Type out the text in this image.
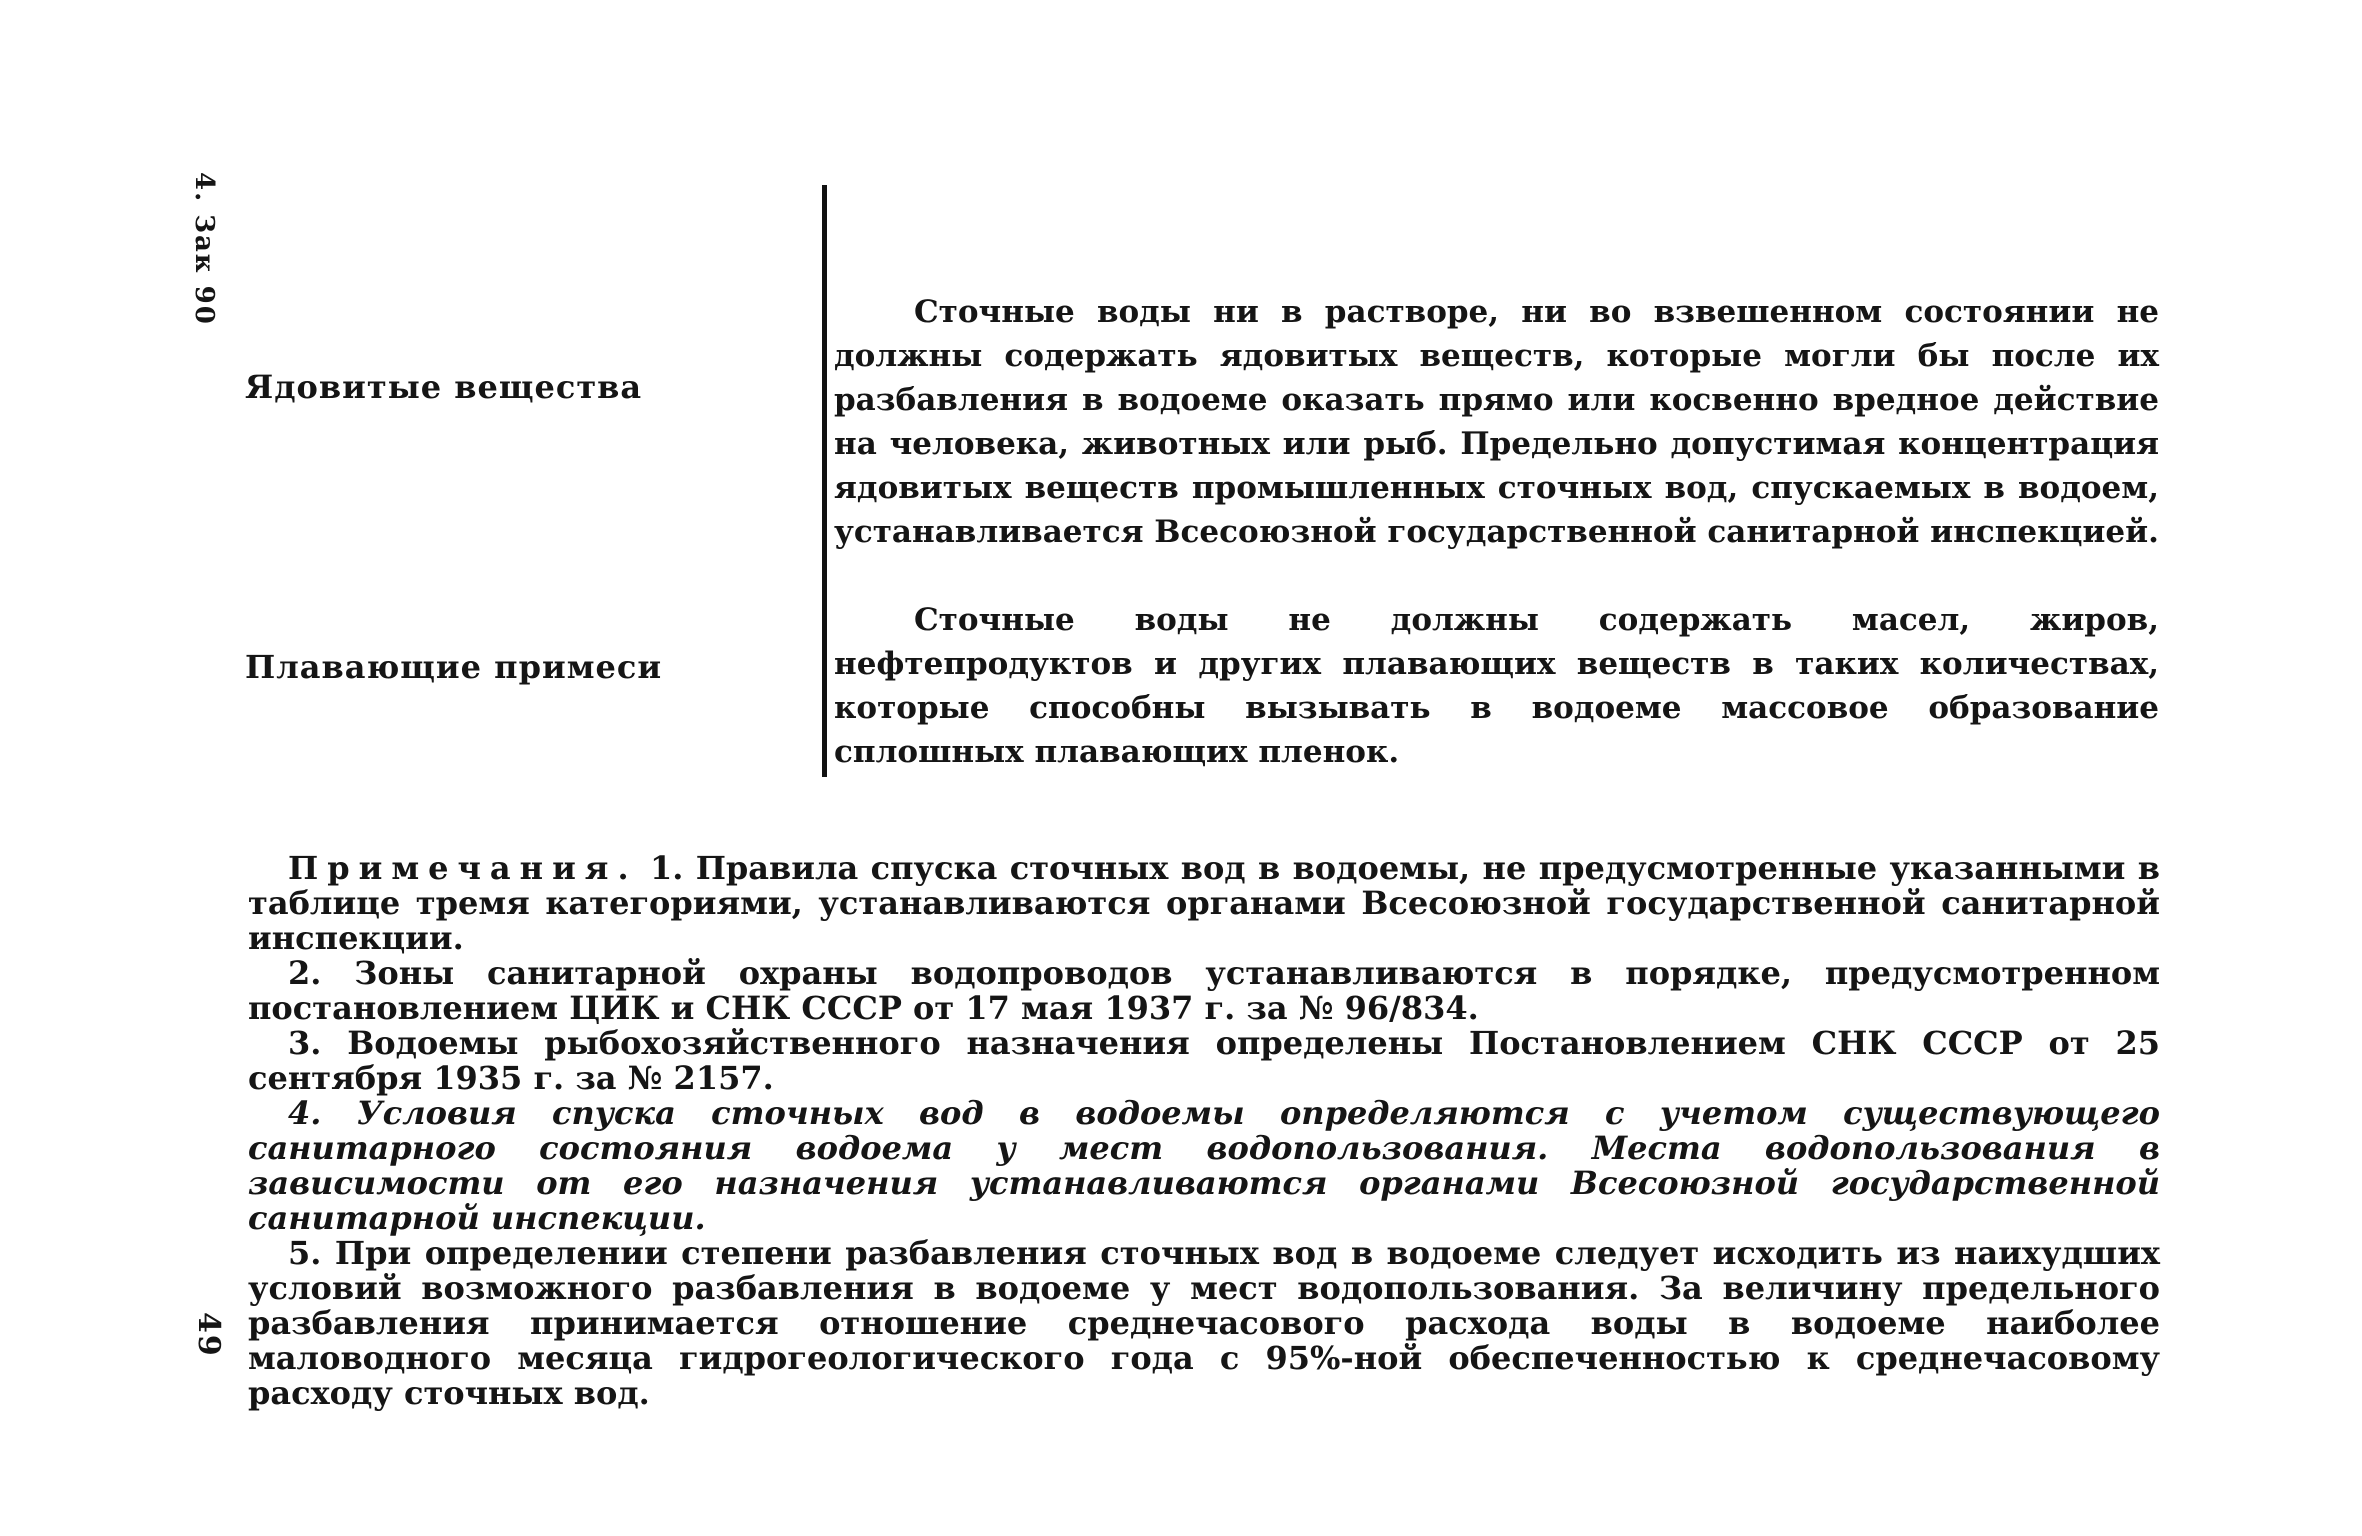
4. Зак 90
Ядовитые вещества
Плавающие примеси
Сточные воды ни в растворе, ни во взвешенном состоянии не должны содержать ядовитых веществ, которые могли бы после их разбавления в водоеме оказать прямо или косвенно вредное действие на человека, животных или рыб. Предельно допустимая концентрация ядовитых веществ промышленных сточных вод, спускаемых в водоем, устанавливается Всесоюзной государственной санитарной инспекцией.
Сточные воды не должны содержать масел, жиров, нефтепродуктов и других плавающих веществ в таких количествах, которые способны вызывать в водоеме массовое образование сплошных плавающих пленок.

Примечания. 1. Правила спуска сточных вод в водоемы, не предусмотренные указанными в таблице тремя категориями, устанавливаются органами Всесоюзной государственной санитарной инспекции.

2. Зоны санитарной охраны водопроводов устанавливаются в порядке, предусмотренном постановлением ЦИК и СНК СССР от 17 мая 1937 г. за № 96/834.

3. Водоемы рыбохозяйственного назначения определены Постановлением СНК СССР от 25 сентября 1935 г. за № 2157.

4. Условия спуска сточных вод в водоемы определяются с учетом существующего санитарного состояния водоема у мест водопользования. Места водопользования в зависимости от его назначения устанавливаются органами Всесоюзной государственной санитарной инспекции.

5. При определении степени разбавления сточных вод в водоеме следует исходить из наихудших условий возможного разбавления в водоеме у мест водопользования. За величину предельного разбавления принимается отношение среднечасового расхода воды в водоеме наиболее маловодного месяца гидрогеологического года с 95%-ной обеспеченностью к среднечасовому расходу сточных вод.

49
